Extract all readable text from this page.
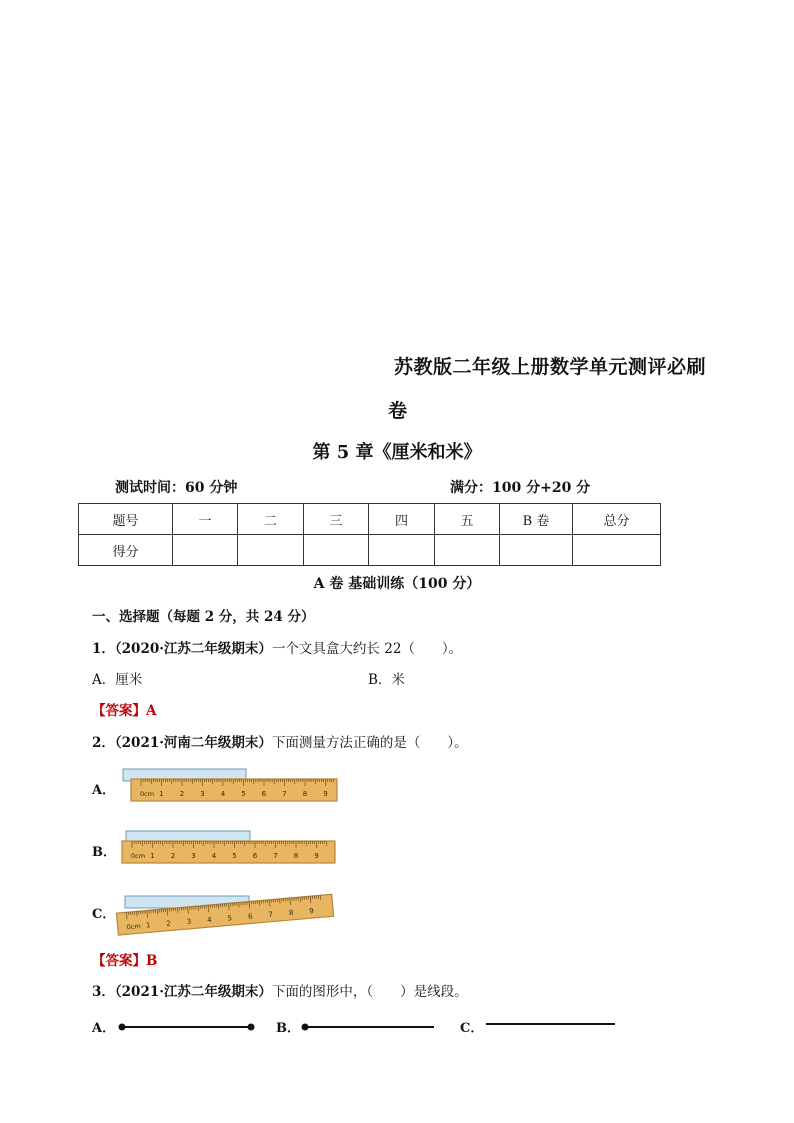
苏教版二年级上册数学单元测评必刷
卷
第 5 章《厘米和米》
测试时间：60 分钟	满分：100 分+20 分
题号	一	二	三	四	五	B 卷	总分
得分							
A 卷 基础训练（100 分）
一、选择题（每题 2 分，共 24 分）
1．（2020·江苏二年级期末）一个文具盒大约长 22（　　）。
A．厘米	B．米
【答案】A
2．（2021·河南二年级期末）下面测量方法正确的是（　　）。
A．
B．
C．
0cm 1 2 3 4 5 6 7 8 9
0cm 1 2 3 4 5 6 7 8 9
0cm 1 2 3 4 5 6 7 8 9
【答案】B
3．（2021·江苏二年级期末）下面的图形中，（　　）是线段。
A．	B．	C．
